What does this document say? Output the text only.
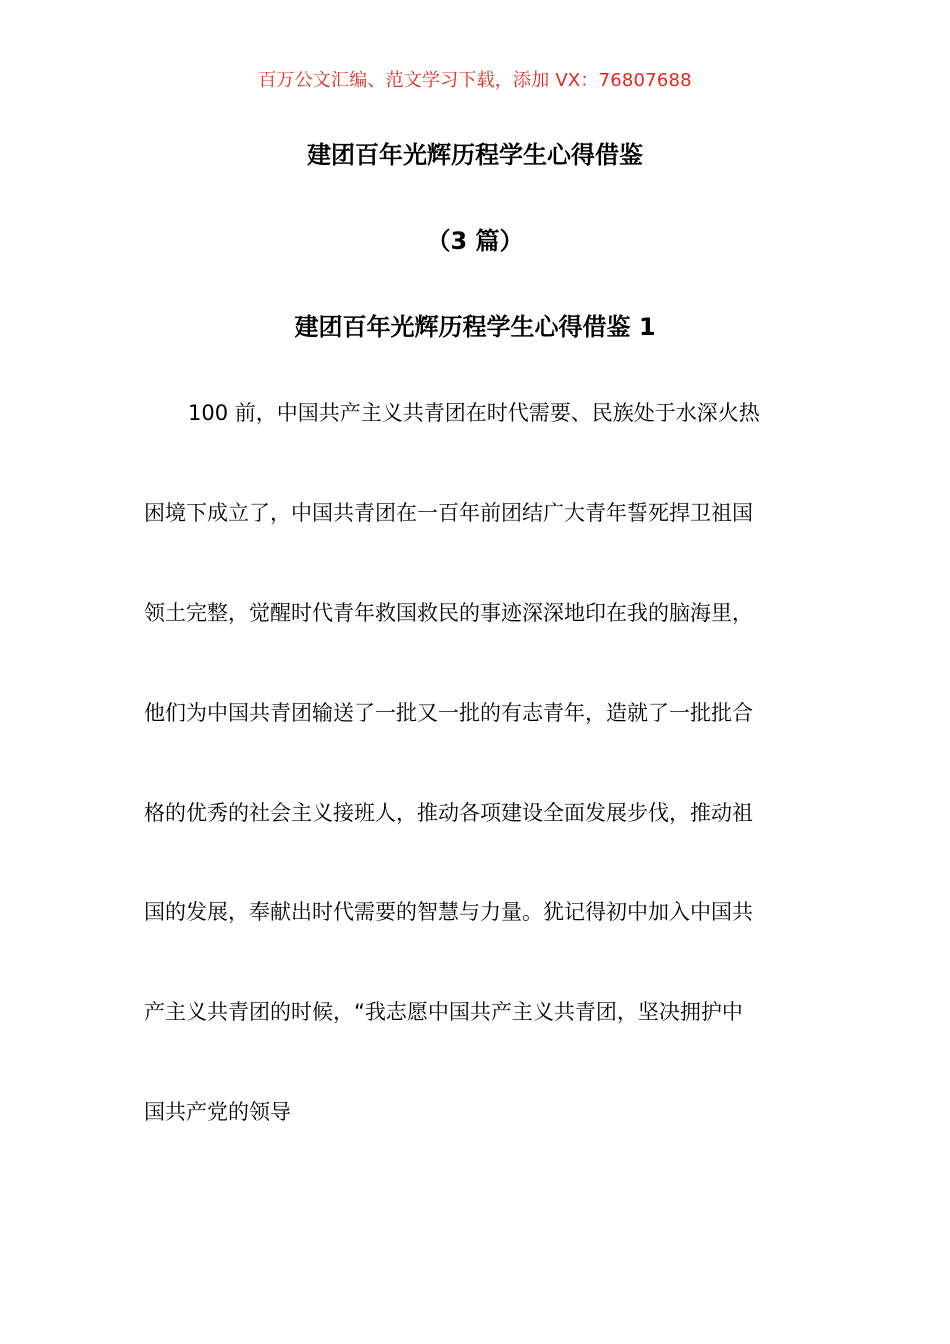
百万公文汇编、范文学习下载，添加 VX：76807688
建团百年光辉历程学生心得借鉴
（3 篇）
建团百年光辉历程学生心得借鉴 1

100 前，中国共产主义共青团在时代需要、民族处于水深火热

困境下成立了，中国共青团在一百年前团结广大青年誓死捍卫祖国

领土完整，觉醒时代青年救国救民的事迹深深地印在我的脑海里，

他们为中国共青团输送了一批又一批的有志青年，造就了一批批合

格的优秀的社会主义接班人，推动各项建设全面发展步伐，推动祖

国的发展，奉献出时代需要的智慧与力量。犹记得初中加入中国共

产主义共青团的时候，“我志愿中国共产主义共青团，坚决拥护中

国共产党的领导
